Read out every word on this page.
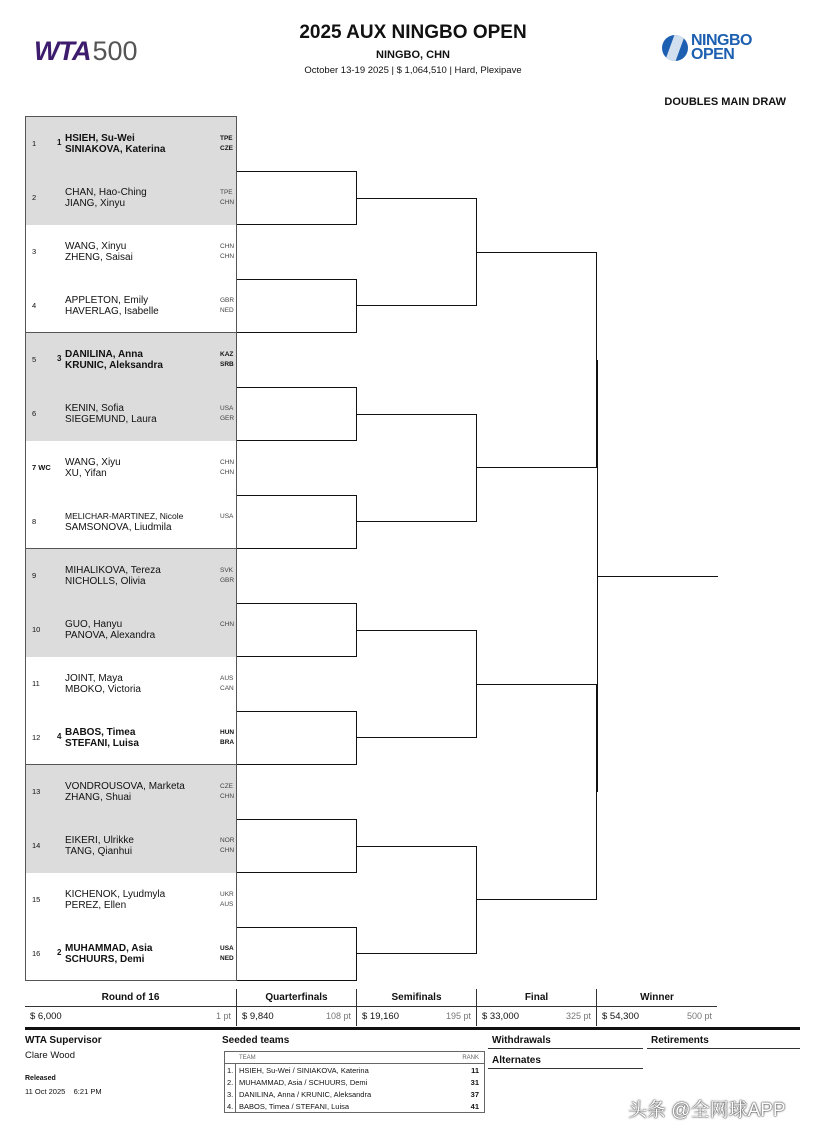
WTA500	NINGBO
OPEN
2025 AUX NINGBO OPEN
NINGBO, CHN
October 13-19 2025 | $ 1,064,510 | Hard, Plexipave
DOUBLES MAIN DRAW
1	1 HSIEH, Su-Wei
SINIAKOVA, Katerina
TPE
CZE
2	CHAN, Hao-Ching
JIANG, Xinyu
TPE
CHN
3	WANG, Xinyu
ZHENG, Saisai
CHN
CHN
4	APPLETON, Emily
HAVERLAG, Isabelle
GBR
NED
5	3 DANILINA, Anna
KRUNIC, Aleksandra
KAZ
SRB
6	KENIN, Sofia
SIEGEMUND, Laura
USA
GER
7 WC WANG, Xiyu
XU, Yifan
CHN
CHN
8
MELICHAR-MARTINEZ, Nicole
SAMSONOVA, Liudmila
USA
9	MIHALIKOVA, Tereza
NICHOLLS, Olivia
SVK
GBR
10 GUO, Hanyu
PANOVA, Alexandra
CHN
11	JOINT, Maya
MBOKO, Victoria
AUS
CAN
12 4 BABOS, Timea
STEFANI, Luisa
HUN
BRA
13 VONDROUSOVA, Marketa
ZHANG, Shuai
CZE
CHN
14 EIKERI, Ulrikke
TANG, Qianhui
NOR
CHN
15 KICHENOK, Lyudmyla
PEREZ, Ellen
UKR
AUS
16 2 MUHAMMAD, Asia
SCHUURS, Demi
USA
NED
Round of 16
$ 6,000	1 pt
Quarterfinals
$ 9,840	108 pt
Semifinals
$ 19,160	195 pt
Final
$ 33,000	325 pt
Winner
$ 54,300	500 pt
WTA Supervisor
Clare Wood
Released
11 Oct 2025    6:21 PM
Seeded teams
TEAM	RANK
1. HSIEH, Su-Wei / SINIAKOVA, Katerina	11
2. MUHAMMAD, Asia / SCHUURS, Demi	31
3. DANILINA, Anna / KRUNIC, Aleksandra	37
4. BABOS, Timea / STEFANI, Luisa	41
Withdrawals
Alternates
Retirements
头条 @全网球APP
